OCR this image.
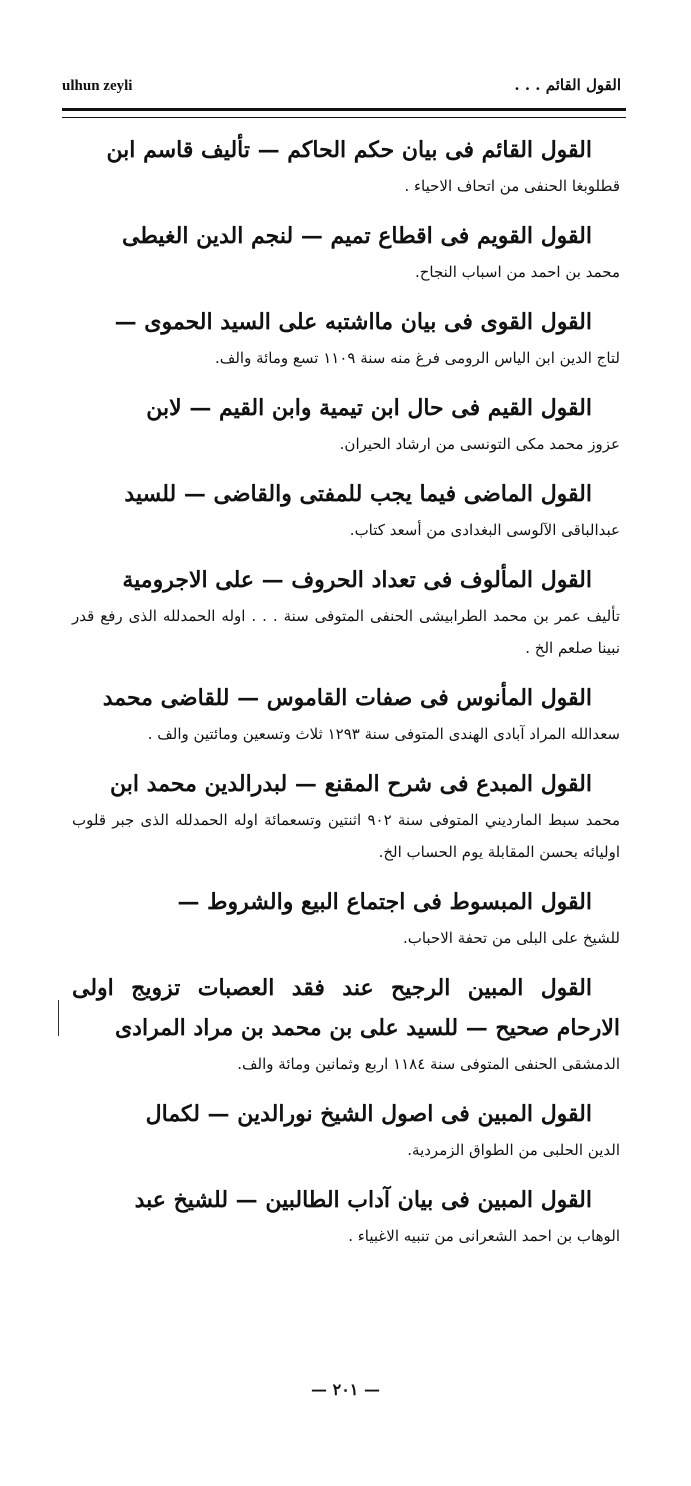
ulhun zeyli	القول القائم . . .

القول القائم فى بيان حكم الحاكم — تأليف قاسم ابن

قطلوبغا الحنفى من اتحاف الاحياء .

القول القويم فى اقطاع تميم — لنجم الدين الغيطى

محمد بن احمد من اسباب النجاح.

القول القوى فى بيان مااشتبه على السيد الحموى —

لتاج الدين ابن الياس الرومى فرغ منه سنة ١١٠٩ تسع ومائة والف.

القول القيم فى حال ابن تيمية وابن القيم — لابن

عزوز محمد مكى التونسى من ارشاد الحيران.

القول الماضى فيما يجب للمفتى والقاضى — للسيد

عبدالباقى الآلوسى البغدادى من أسعد كتاب.

القول المألوف فى تعداد الحروف — على الاجرومية

تأليف عمر بن محمد الطرابيشى الحنفى المتوفى سنة . . . اوله الحمدلله الذى رفع قدر نبينا صلعم الخ .

القول المأنوس فى صفات القاموس — للقاضى محمد

سعدالله المراد آبادى الهندى المتوفى سنة ١٢٩٣ ثلاث وتسعين ومائتين والف .

القول المبدع فى شرح المقنع — لبدرالدين محمد ابن

محمد سبط المارديني المتوفى سنة ٩٠٢ اثنتين وتسعمائة اوله الحمدلله الذى جبر قلوب اوليائه بحسن المقابلة يوم الحساب الخ.

القول المبسوط فى اجتماع البيع والشروط —

للشيخ على البلى من تحفة الاحباب.

القول المبين الرجيح عند فقد العصبات تزويج اولى الارحام صحيح — للسيد على بن محمد بن مراد المرادى

الدمشقى الحنفى المتوفى سنة ١١٨٤ اربع وثمانين ومائة والف.

القول المبين فى اصول الشيخ نورالدين — لكمال

الدين الحلبى من الطواق الزمردية.

القول المبين فى بيان آداب الطالبين — للشيخ عبد

الوهاب بن احمد الشعرانى من تنبيه الاغبياء .

— ٢٠١ —
